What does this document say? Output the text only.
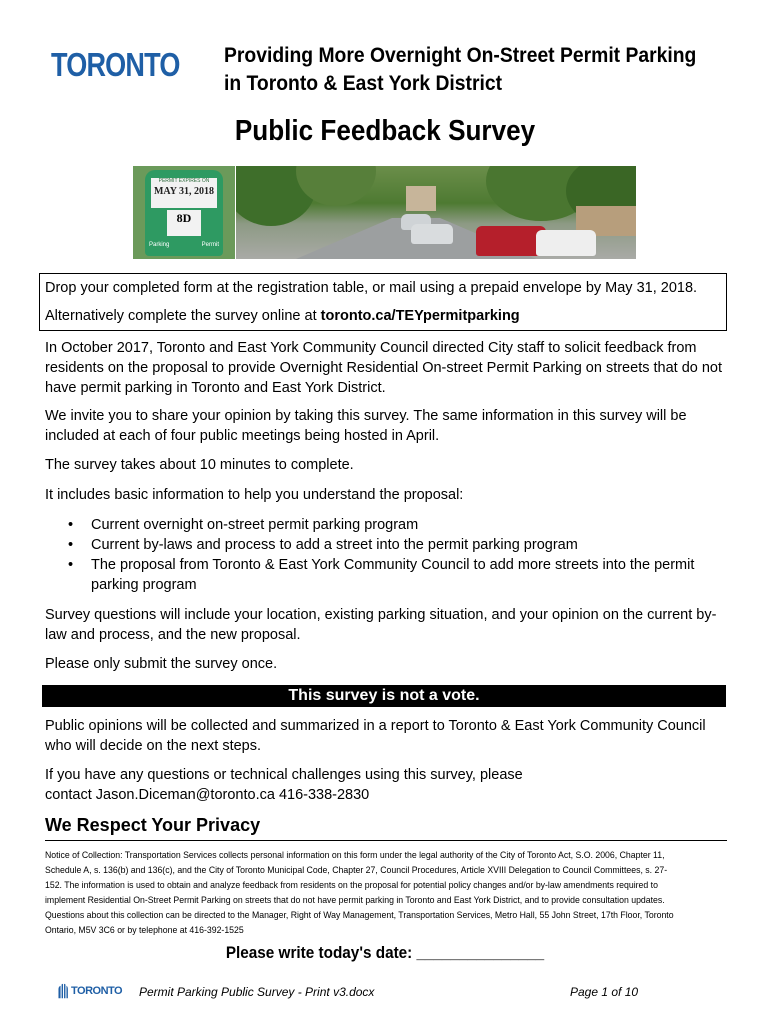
TORONTO Providing More Overnight On-Street Permit Parking
in Toronto & East York District
Public Feedback Survey
PERMIT EXPIRES ON
MAY 31, 2018
8D
Parking	Permit
Drop your completed form at the registration table, or mail using a prepaid envelope by May 31, 2018.
Alternatively complete the survey online at toronto.ca/TEYpermitparking
In October 2017, Toronto and East York Community Council directed City staff to solicit feedback from residents on the proposal to provide Overnight Residential On-street Permit Parking on streets that do not have permit parking in Toronto and East York District.
We invite you to share your opinion by taking this survey. The same information in this survey will be included at each of four public meetings being hosted in April.
The survey takes about 10 minutes to complete.
It includes basic information to help you understand the proposal:
• Current overnight on-street permit parking program
• Current by-laws and process to add a street into the permit parking program
• The proposal from Toronto & East York Community Council to add more streets into the permit parking program
Survey questions will include your location, existing parking situation, and your opinion on the current by-law and process, and the new proposal.
Please only submit the survey once.
This survey is not a vote.
Public opinions will be collected and summarized in a report to Toronto & East York Community Council who will decide on the next steps.
If you have any questions or technical challenges using this survey, please
contact Jason.Diceman@toronto.ca 416-338-2830
We Respect Your Privacy
Notice of Collection: Transportation Services collects personal information on this form under the legal authority of the City of Toronto Act, S.O. 2006, Chapter 11, Schedule A, s. 136(b) and 136(c), and the City of Toronto Municipal Code, Chapter 27, Council Procedures, Article XVIII Delegation to Council Committees, s. 27-152. The information is used to obtain and analyze feedback from residents on the proposal for potential policy changes and/or by-law amendments required to implement Residential On-Street Permit Parking on streets that do not have permit parking in Toronto and East York District, and to provide consultation updates. Questions about this collection can be directed to the Manager, Right of Way Management, Transportation Services, Metro Hall, 55 John Street, 17th Floor, Toronto Ontario, M5V 3C6 or by telephone at 416-392-1525
Please write today's date: _______________
TORONTO Permit Parking Public Survey - Print v3.docx	Page 1 of 10
